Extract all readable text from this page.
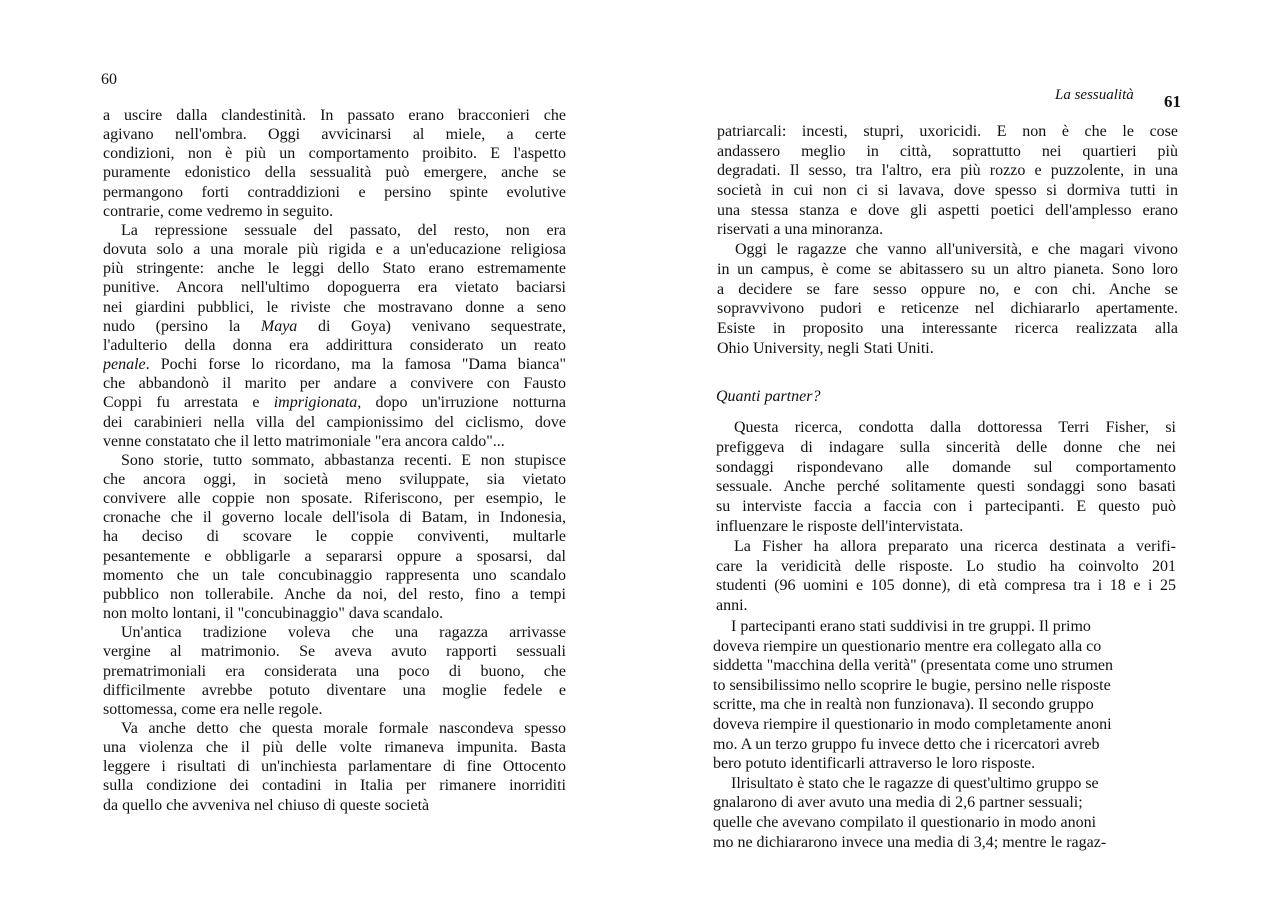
60
a uscire dalla clandestinità. In passato erano bracconieri che
agivano nell'ombra. Oggi avvicinarsi al miele, a certe
condizioni, non è più un comportamento proibito. E l'aspetto
puramente edonistico della sessualità può emergere, anche se
permangono forti contraddizioni e persino spinte evolutive
contrarie, come vedremo in seguito.
La repressione sessuale del passato, del resto, non era
dovuta solo a una morale più rigida e a un'educazione religiosa
più stringente: anche le leggi dello Stato erano estremamente
punitive. Ancora nell'ultimo dopoguerra era vietato baciarsi
nei giardini pubblici, le riviste che mostravano donne a seno
nudo (persino la Maya di Goya) venivano sequestrate,
l'adulterio della donna era addirittura considerato un reato
penale. Pochi forse lo ricordano, ma la famosa "Dama bianca"
che abbandonò il marito per andare a convivere con Fausto
Coppi fu arrestata e imprigionata, dopo un'irruzione notturna
dei carabinieri nella villa del campionissimo del ciclismo, dove
venne constatato che il letto matrimoniale "era ancora caldo"...
Sono storie, tutto sommato, abbastanza recenti. E non stupisce
che ancora oggi, in società meno sviluppate, sia vietato
convivere alle coppie non sposate. Riferiscono, per esempio, le
cronache che il governo locale dell'isola di Batam, in Indonesia,
ha deciso di scovare le coppie conviventi, multarle
pesantemente e obbligarle a separarsi oppure a sposarsi, dal
momento che un tale concubinaggio rappresenta uno scandalo
pubblico non tollerabile. Anche da noi, del resto, fino a tempi
non molto lontani, il "concubinaggio" dava scandalo.
Un'antica tradizione voleva che una ragazza arrivasse
vergine al matrimonio. Se aveva avuto rapporti sessuali
prematrimoniali era considerata una poco di buono, che
difficilmente avrebbe potuto diventare una moglie fedele e
sottomessa, come era nelle regole.
Va anche detto che questa morale formale nascondeva spesso
una violenza che il più delle volte rimaneva impunita. Basta
leggere i risultati di un'inchiesta parlamentare di fine Ottocento
sulla condizione dei contadini in Italia per rimanere inorriditi
da quello che avveniva nel chiuso di queste società
La sessualità 61
patriarcali: incesti, stupri, uxoricidi. E non è che le cose
andassero meglio in città, soprattutto nei quartieri più
degradati. Il sesso, tra l'altro, era più rozzo e puzzolente, in una
società in cui non ci si lavava, dove spesso si dormiva tutti in
una stessa stanza e dove gli aspetti poetici dell'amplesso erano
riservati a una minoranza.
Oggi le ragazze che vanno all'università, e che magari vivono
in un campus, è come se abitassero su un altro pianeta. Sono loro
a decidere se fare sesso oppure no, e con chi. Anche se
sopravvivono pudori e reticenze nel dichiararlo apertamente.
Esiste in proposito una interessante ricerca realizzata alla
Ohio University, negli Stati Uniti.
Quanti partner?
Questa ricerca, condotta dalla dottoressa Terri Fisher, si
prefiggeva di indagare sulla sincerità delle donne che nei
sondaggi rispondevano alle domande sul comportamento
sessuale. Anche perché solitamente questi sondaggi sono basati
su interviste faccia a faccia con i partecipanti. E questo può
influenzare le risposte dell'intervistata.
La Fisher ha allora preparato una ricerca destinata a verifi-
care la veridicità delle risposte. Lo studio ha coinvolto 201
studenti (96 uomini e 105 donne), di età compresa tra i 18 e i 25
anni.
I partecipanti erano stati suddivisi in tre gruppi. Il primo
doveva riempire un questionario mentre era collegato alla co
siddetta "macchina della verità" (presentata come uno strumen
to sensibilissimo nello scoprire le bugie, persino nelle risposte
scritte, ma che in realtà non funzionava). Il secondo gruppo
doveva riempire il questionario in modo completamente anoni
mo. A un terzo gruppo fu invece detto che i ricercatori avreb
bero potuto identificarli attraverso le loro risposte.
Ilrisultato è stato che le ragazze di quest'ultimo gruppo se
gnalarono di aver avuto una media di 2,6 partner sessuali;
quelle che avevano compilato il questionario in modo anoni
mo ne dichiararono invece una media di 3,4; mentre le ragaz-
